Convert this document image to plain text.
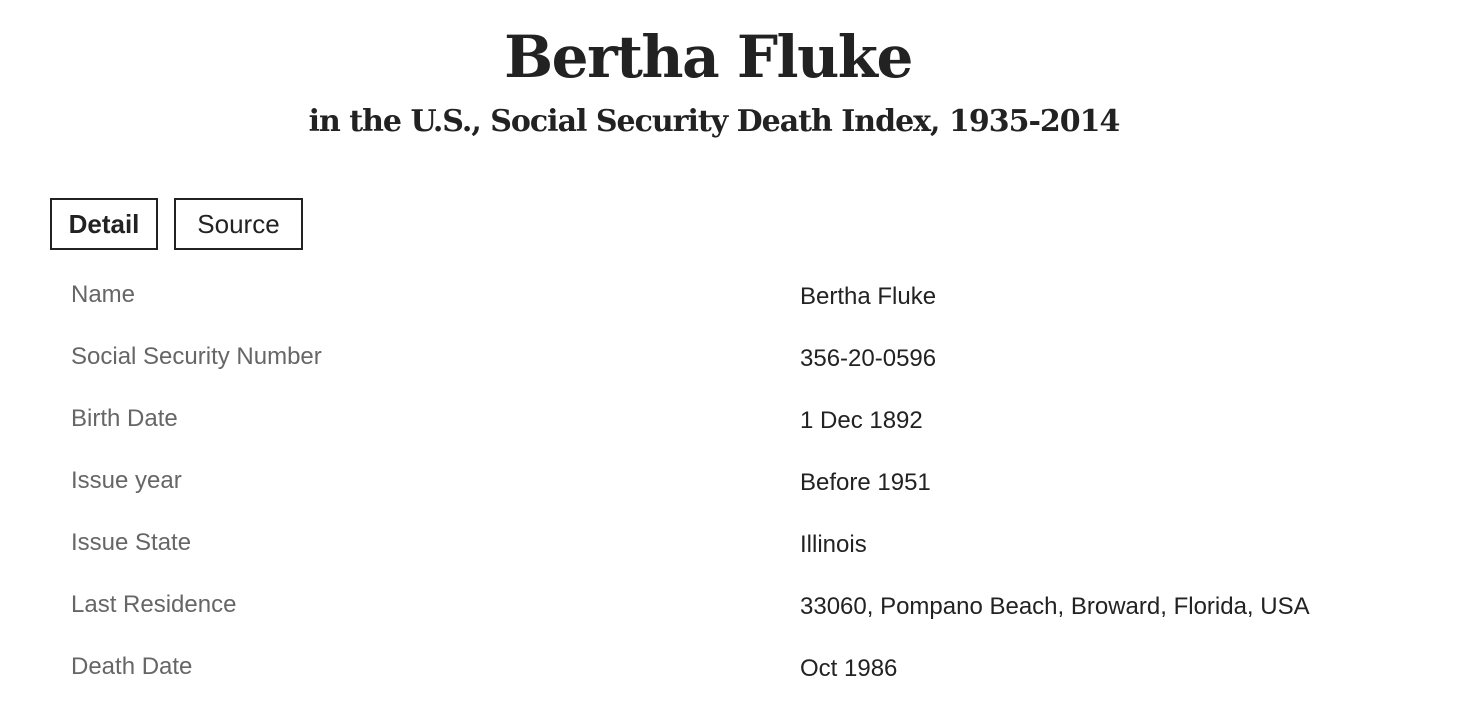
Bertha Fluke
in the U.S., Social Security Death Index, 1935-2014
Detail	Source
Name	Bertha Fluke
Social Security Number	356-20-0596
Birth Date	1 Dec 1892
Issue year	Before 1951
Issue State	Illinois
Last Residence	33060, Pompano Beach, Broward, Florida, USA
Death Date	Oct 1986
